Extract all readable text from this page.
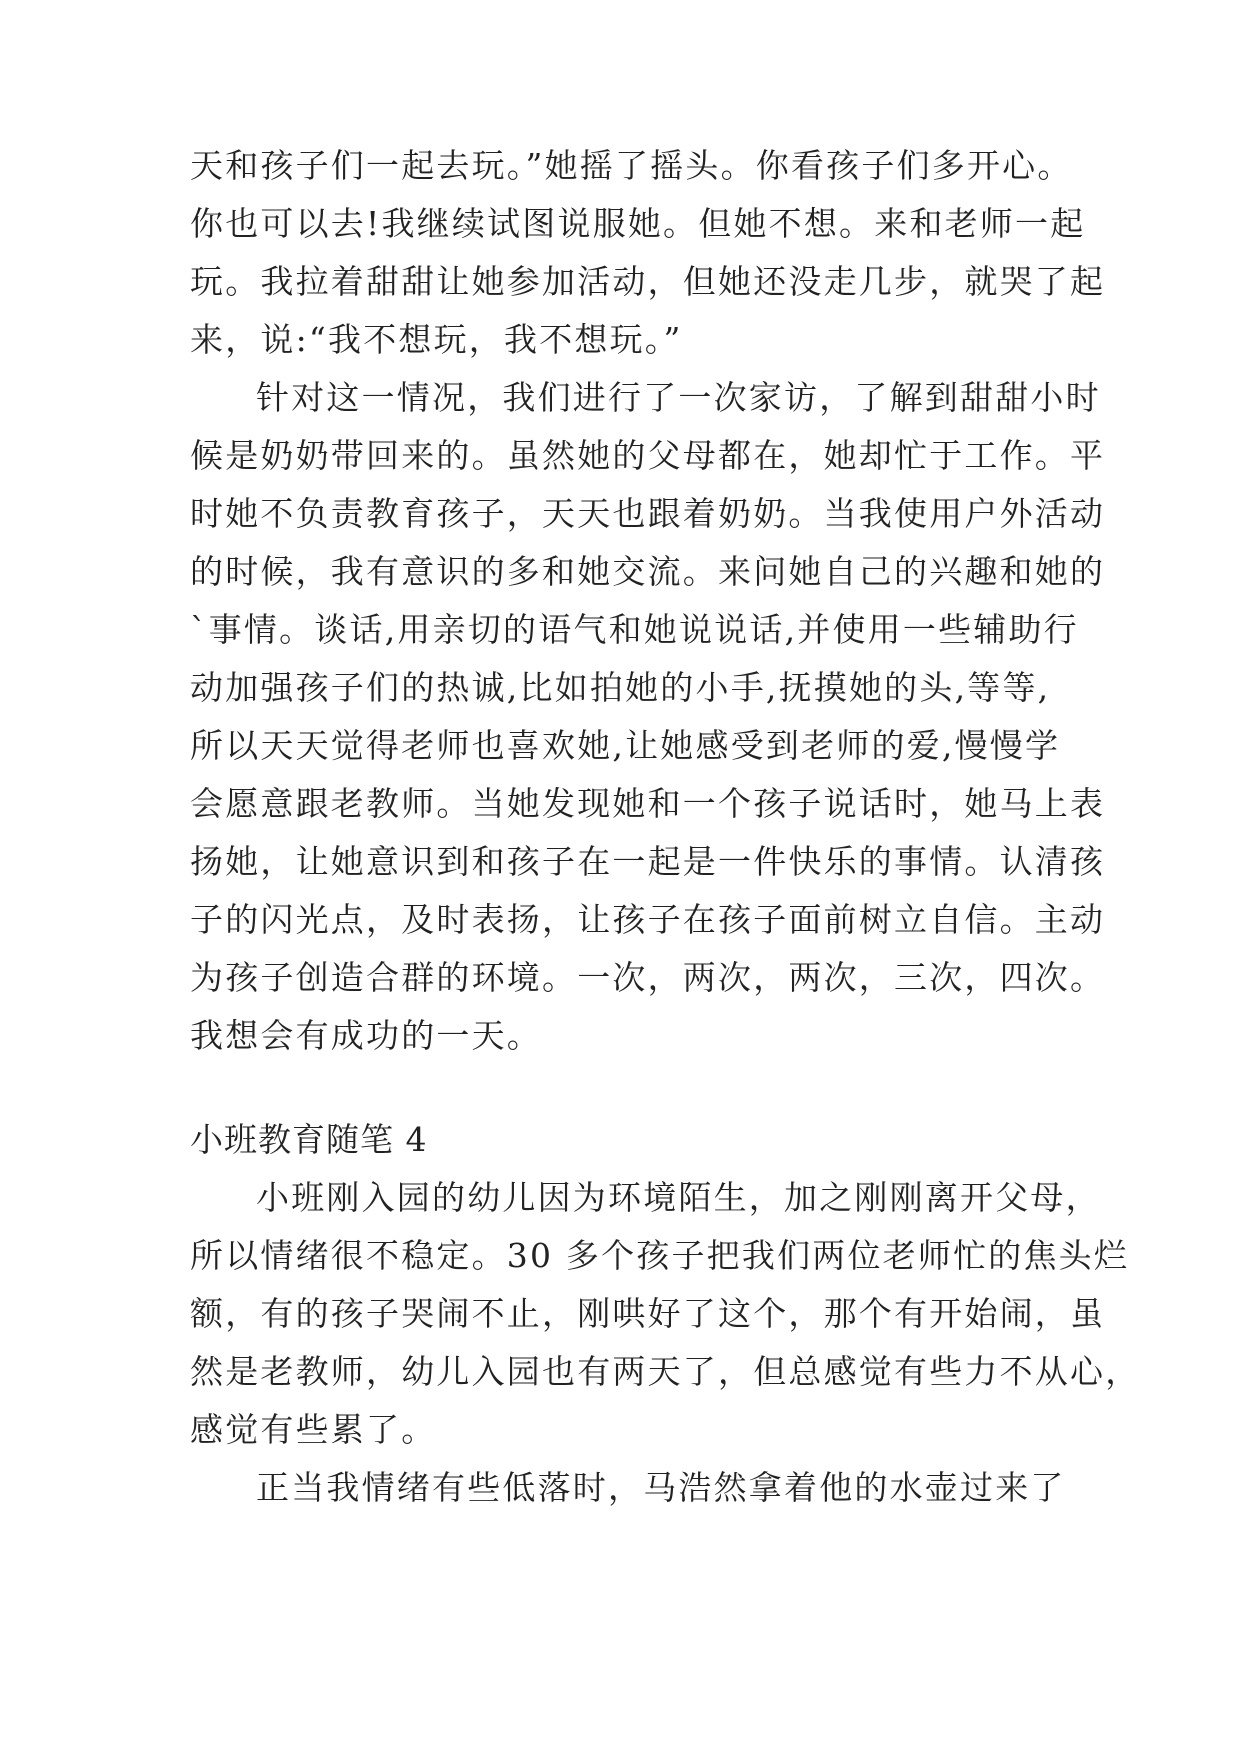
天和孩子们一起去玩。”她摇了摇头。你看孩子们多开心。
你也可以去!我继续试图说服她。但她不想。来和老师一起
玩。我拉着甜甜让她参加活动，但她还没走几步，就哭了起
来，说:“我不想玩，我不想玩。”
针对这一情况，我们进行了一次家访，了解到甜甜小时
候是奶奶带回来的。虽然她的父母都在，她却忙于工作。平
时她不负责教育孩子，天天也跟着奶奶。当我使用户外活动
的时候，我有意识的多和她交流。来问她自己的兴趣和她的
`事情。谈话,用亲切的语气和她说说话,并使用一些辅助行
动加强孩子们的热诚,比如拍她的小手,抚摸她的头,等等,
所以天天觉得老师也喜欢她,让她感受到老师的爱,慢慢学
会愿意跟老教师。当她发现她和一个孩子说话时，她马上表
扬她，让她意识到和孩子在一起是一件快乐的事情。认清孩
子的闪光点，及时表扬，让孩子在孩子面前树立自信。主动
为孩子创造合群的环境。一次，两次，两次，三次，四次。
我想会有成功的一天。
小班教育随笔 4
小班刚入园的幼儿因为环境陌生，加之刚刚离开父母，
所以情绪很不稳定。30 多个孩子把我们两位老师忙的焦头烂
额，有的孩子哭闹不止，刚哄好了这个，那个有开始闹，虽
然是老教师，幼儿入园也有两天了，但总感觉有些力不从心，
感觉有些累了。
正当我情绪有些低落时，马浩然拿着他的水壶过来了
